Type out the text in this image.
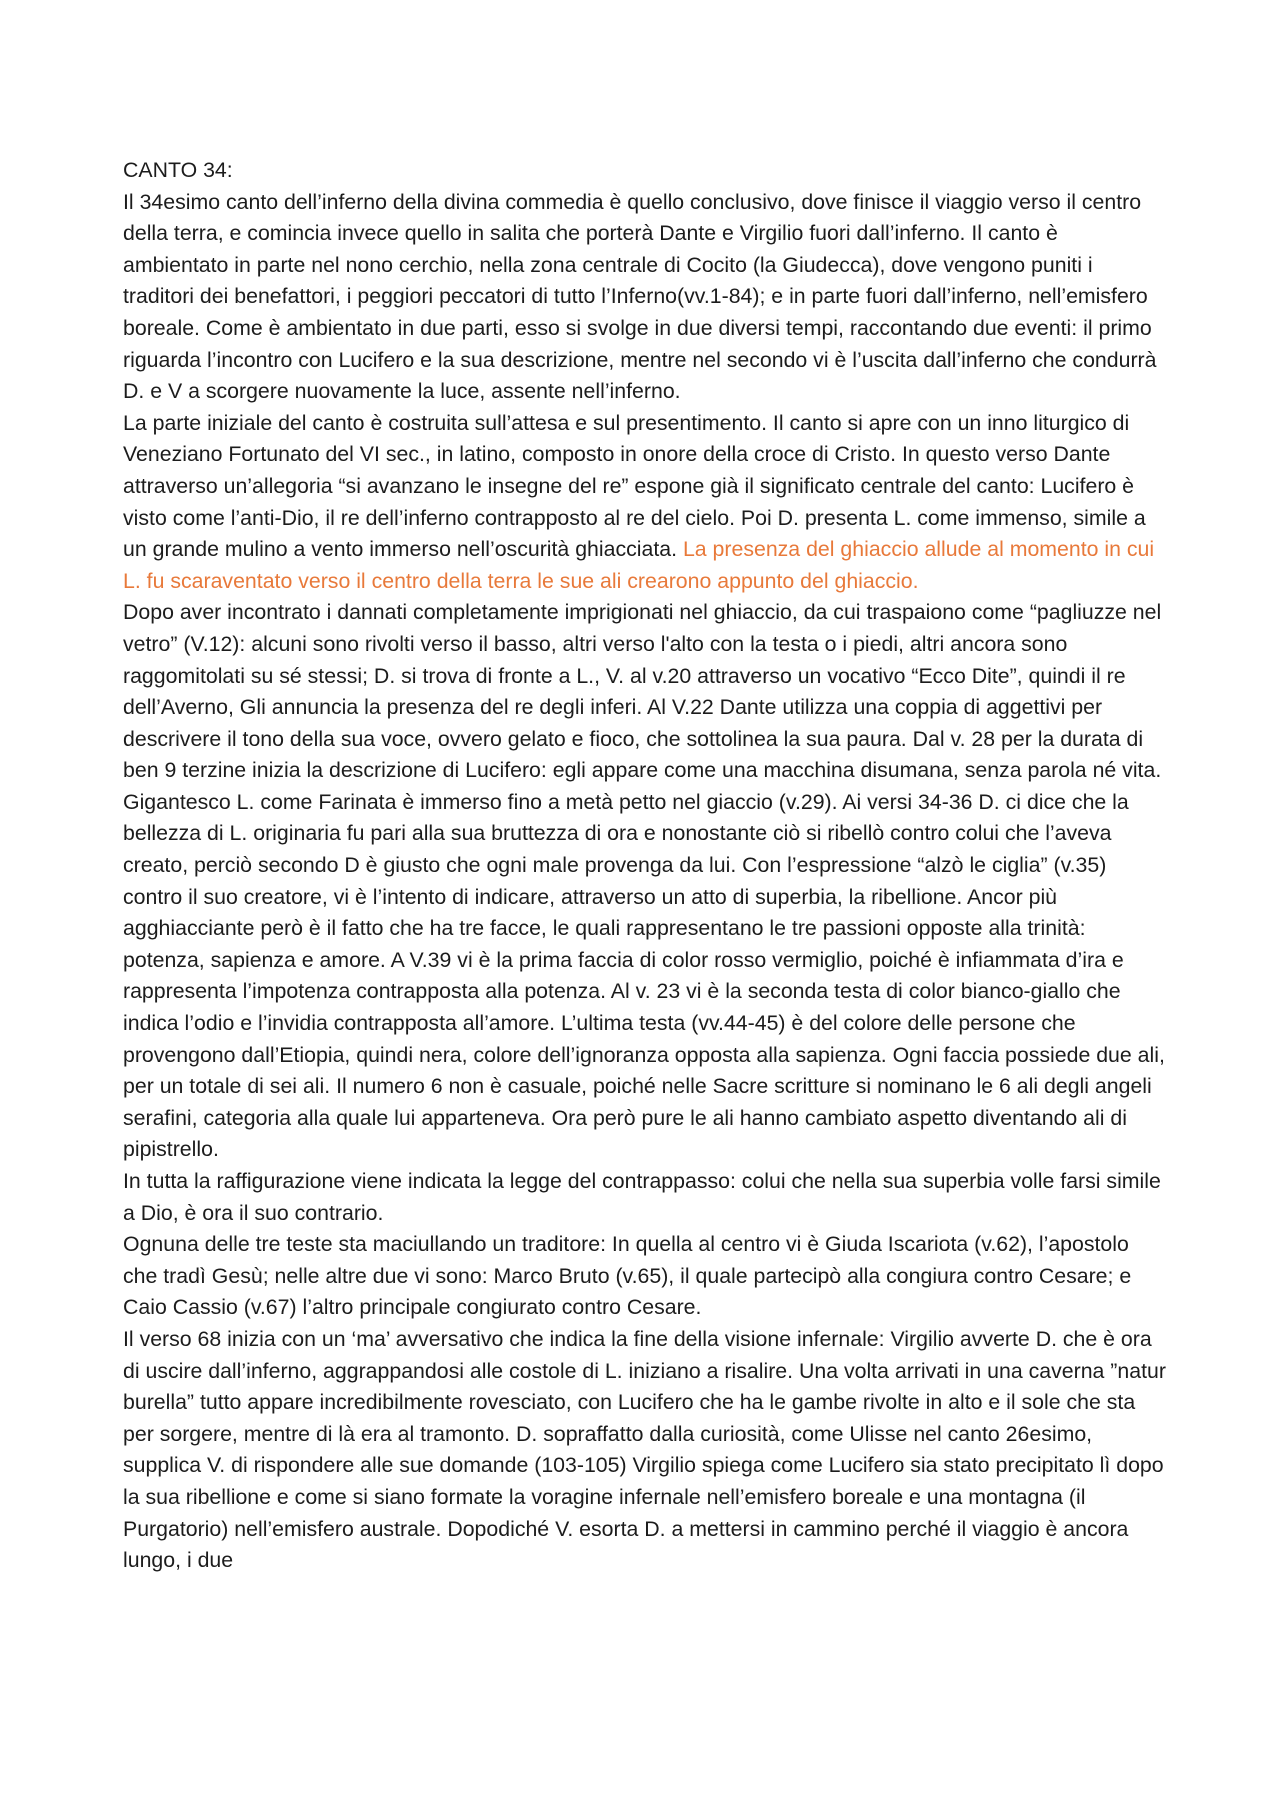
CANTO 34:

Il 34esimo canto dell’inferno della divina commedia è quello conclusivo, dove finisce il viaggio verso il centro della terra, e comincia invece quello in salita che porterà Dante e Virgilio fuori dall’inferno. Il canto è ambientato in parte nel nono cerchio, nella zona centrale di Cocito (la Giudecca), dove vengono puniti i traditori dei benefattori, i peggiori peccatori di tutto l’Inferno(vv.1-84); e in parte fuori dall’inferno, nell’emisfero boreale. Come è ambientato in due parti, esso si svolge in due diversi tempi, raccontando due eventi: il primo riguarda l’incontro con Lucifero e la sua descrizione, mentre nel secondo vi è l’uscita dall’inferno che condurrà D. e V a scorgere nuovamente la luce, assente nell’inferno.

La parte iniziale del canto è costruita sull’attesa e sul presentimento. Il canto si apre con un inno liturgico di Veneziano Fortunato del VI sec., in latino, composto in onore della croce di Cristo. In questo verso Dante attraverso un’allegoria “si avanzano le insegne del re” espone già il significato centrale del canto: Lucifero è visto come l’anti-Dio, il re dell’inferno contrapposto al re del cielo. Poi D. presenta L. come immenso, simile a un grande mulino a vento immerso nell’oscurità ghiacciata. La presenza del ghiaccio allude al momento in cui L. fu scaraventato verso il centro della terra le sue ali crearono appunto del ghiaccio.

Dopo aver incontrato i dannati completamente imprigionati nel ghiaccio, da cui traspaiono come “pagliuzze nel vetro” (V.12): alcuni sono rivolti verso il basso, altri verso l'alto con la testa o i piedi, altri ancora sono raggomitolati su sé stessi; D. si trova di fronte a L., V. al v.20 attraverso un vocativo “Ecco Dite”, quindi il re dell’Averno, Gli annuncia la presenza del re degli inferi. Al V.22 Dante utilizza una coppia di aggettivi per descrivere il tono della sua voce, ovvero gelato e fioco, che sottolinea la sua paura. Dal v. 28 per la durata di ben 9 terzine inizia la descrizione di Lucifero: egli appare come una macchina disumana, senza parola né vita. Gigantesco L. come Farinata è immerso fino a metà petto nel giaccio (v.29). Ai versi 34-36 D. ci dice che la bellezza di L. originaria fu pari alla sua bruttezza di ora e nonostante ciò si ribellò contro colui che l’aveva creato, perciò secondo D è giusto che ogni male provenga da lui. Con l’espressione “alzò le ciglia” (v.35) contro il suo creatore, vi è l’intento di indicare, attraverso un atto di superbia, la ribellione. Ancor più agghiacciante però è il fatto che ha tre facce, le quali rappresentano le tre passioni opposte alla trinità: potenza, sapienza e amore. A V.39 vi è la prima faccia di color rosso vermiglio, poiché è infiammata d’ira e rappresenta l’impotenza contrapposta alla potenza. Al v. 23 vi è la seconda testa di color bianco-giallo che indica l’odio e l’invidia contrapposta all’amore. L’ultima testa (vv.44-45) è del colore delle persone che provengono dall’Etiopia, quindi nera, colore dell’ignoranza opposta alla sapienza. Ogni faccia possiede due ali, per un totale di sei ali. Il numero 6 non è casuale, poiché nelle Sacre scritture si nominano le 6 ali degli angeli serafini, categoria alla quale lui apparteneva. Ora però pure le ali hanno cambiato aspetto diventando ali di pipistrello.

In tutta la raffigurazione viene indicata la legge del contrappasso: colui che nella sua superbia volle farsi simile a Dio, è ora il suo contrario.

Ognuna delle tre teste sta maciullando un traditore: In quella al centro vi è Giuda Iscariota (v.62), l’apostolo che tradì Gesù; nelle altre due vi sono: Marco Bruto (v.65), il quale partecipò alla congiura contro Cesare; e Caio Cassio (v.67) l’altro principale congiurato contro Cesare.

Il verso 68 inizia con un ‘ma’ avversativo che indica la fine della visione infernale: Virgilio avverte D. che è ora di uscire dall’inferno, aggrappandosi alle costole di L. iniziano a risalire. Una volta arrivati in una caverna ”natur burella” tutto appare incredibilmente rovesciato, con Lucifero che ha le gambe rivolte in alto e il sole che sta per sorgere, mentre di là era al tramonto. D. sopraffatto dalla curiosità, come Ulisse nel canto 26esimo, supplica V. di rispondere alle sue domande (103-105) Virgilio spiega come Lucifero sia stato precipitato lì dopo la sua ribellione e come si siano formate la voragine infernale nell’emisfero boreale e una montagna (il Purgatorio) nell’emisfero australe. Dopodiché V. esorta D. a mettersi in cammino perché il viaggio è ancora lungo, i due
